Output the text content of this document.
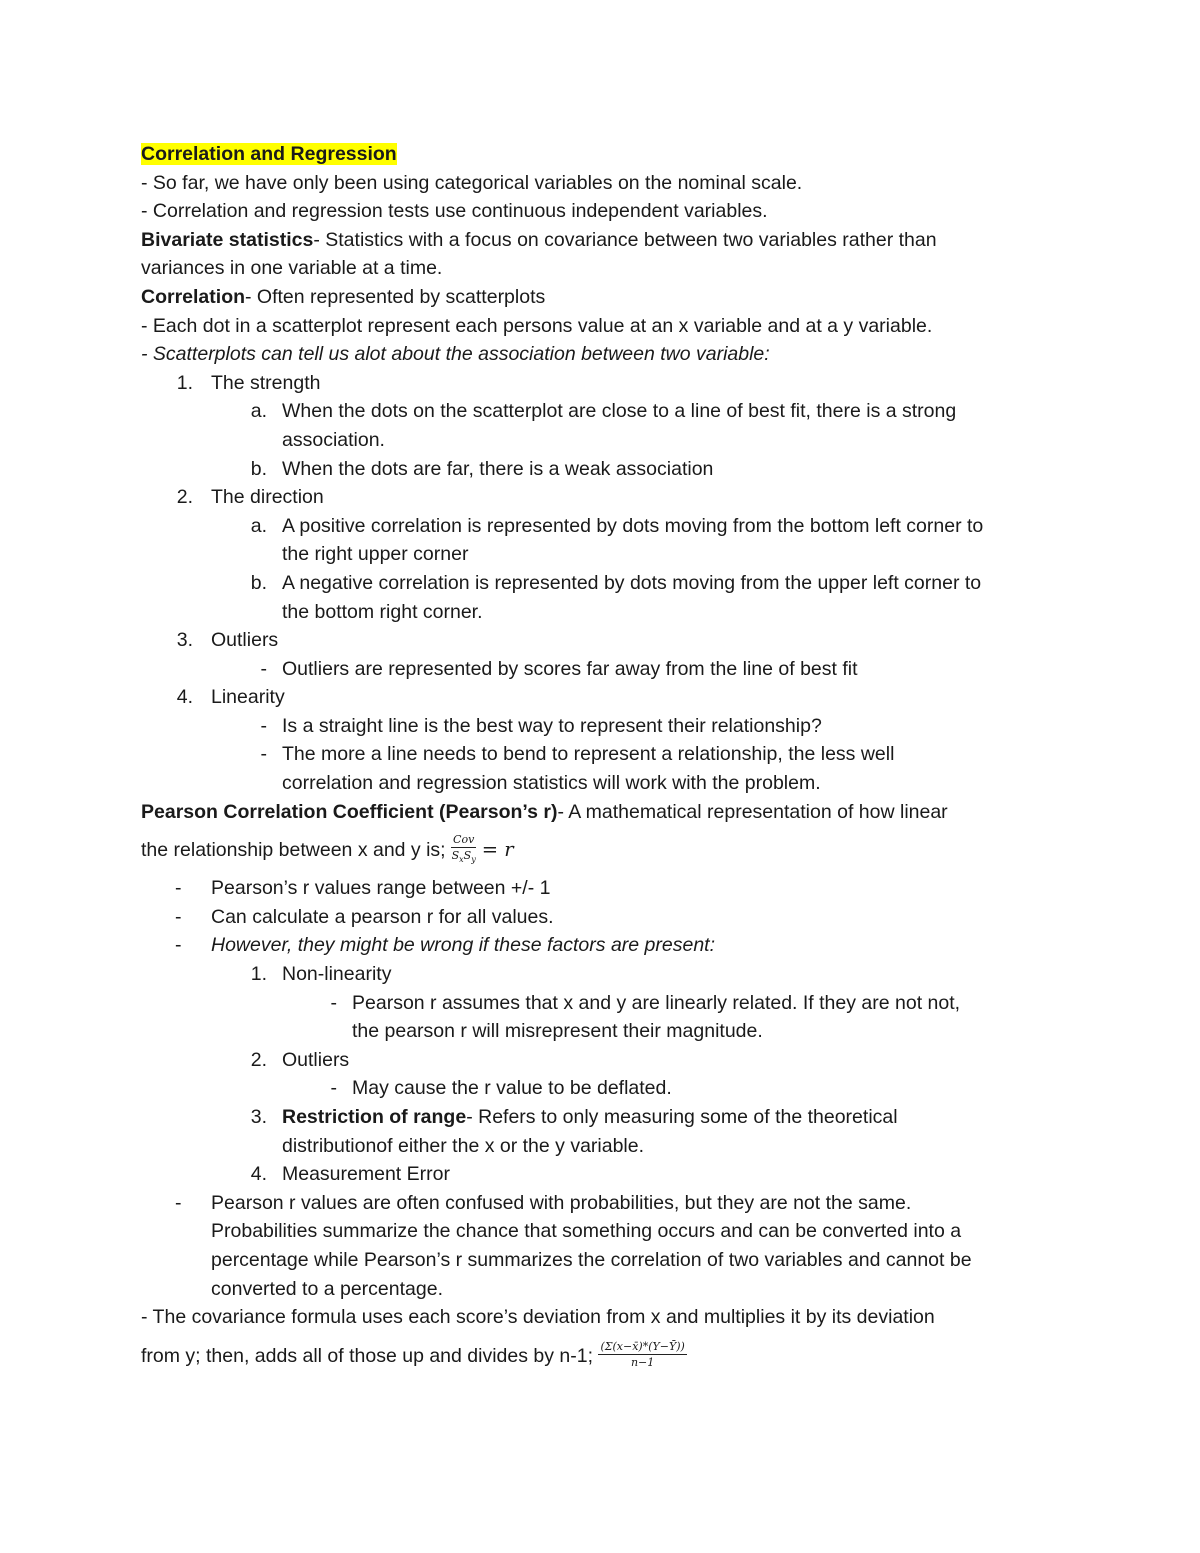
Correlation and Regression
- So far, we have only been using categorical variables on the nominal scale.
- Correlation and regression tests use continuous independent variables.
Bivariate statistics- Statistics with a focus on covariance between two variables rather than
variances in one variable at a time.
Correlation- Often represented by scatterplots
- Each dot in a scatterplot represent each persons value at an x variable and at a y variable.
- Scatterplots can tell us alot about the association between two variable:
1. The strength
a. When the dots on the scatterplot are close to a line of best fit, there is a strong
association.
b. When the dots are far, there is a weak association
2. The direction
a. A positive correlation is represented by dots moving from the bottom left corner to
the right upper corner
b. A negative correlation is represented by dots moving from the upper left corner to
the bottom right corner.
3. Outliers
- Outliers are represented by scores far away from the line of best fit
4. Linearity
- Is a straight line is the best way to represent their relationship?
- The more a line needs to bend to represent a relationship, the less well
correlation and regression statistics will work with the problem.
Pearson Correlation Coefficient (Pearson’s r)- A mathematical representation of how linear
the relationship between x and y is; $\frac{\text{Cov}}{S_xS_y} = r$
- Pearson’s r values range between +/- 1
- Can calculate a pearson r for all values.
- However, they might be wrong if these factors are present:
1. Non-linearity
- Pearson r assumes that x and y are linearly related. If they are not not,
the pearson r will misrepresent their magnitude.
2. Outliers
- May cause the r value to be deflated.
3. Restriction of range- Refers to only measuring some of the theoretical
distributionof either the x or the y variable.
4. Measurement Error
- Pearson r values are often confused with probabilities, but they are not the same.
Probabilities summarize the chance that something occurs and can be converted into a
percentage while Pearson’s r summarizes the correlation of two variables and cannot be
converted to a percentage.
- The covariance formula uses each score’s deviation from x and multiplies it by its deviation
from y; then, adds all of those up and divides by n-1; $\frac{(\Sigma(x-x̄)*(Y-Ȳ))}{n-1}$
